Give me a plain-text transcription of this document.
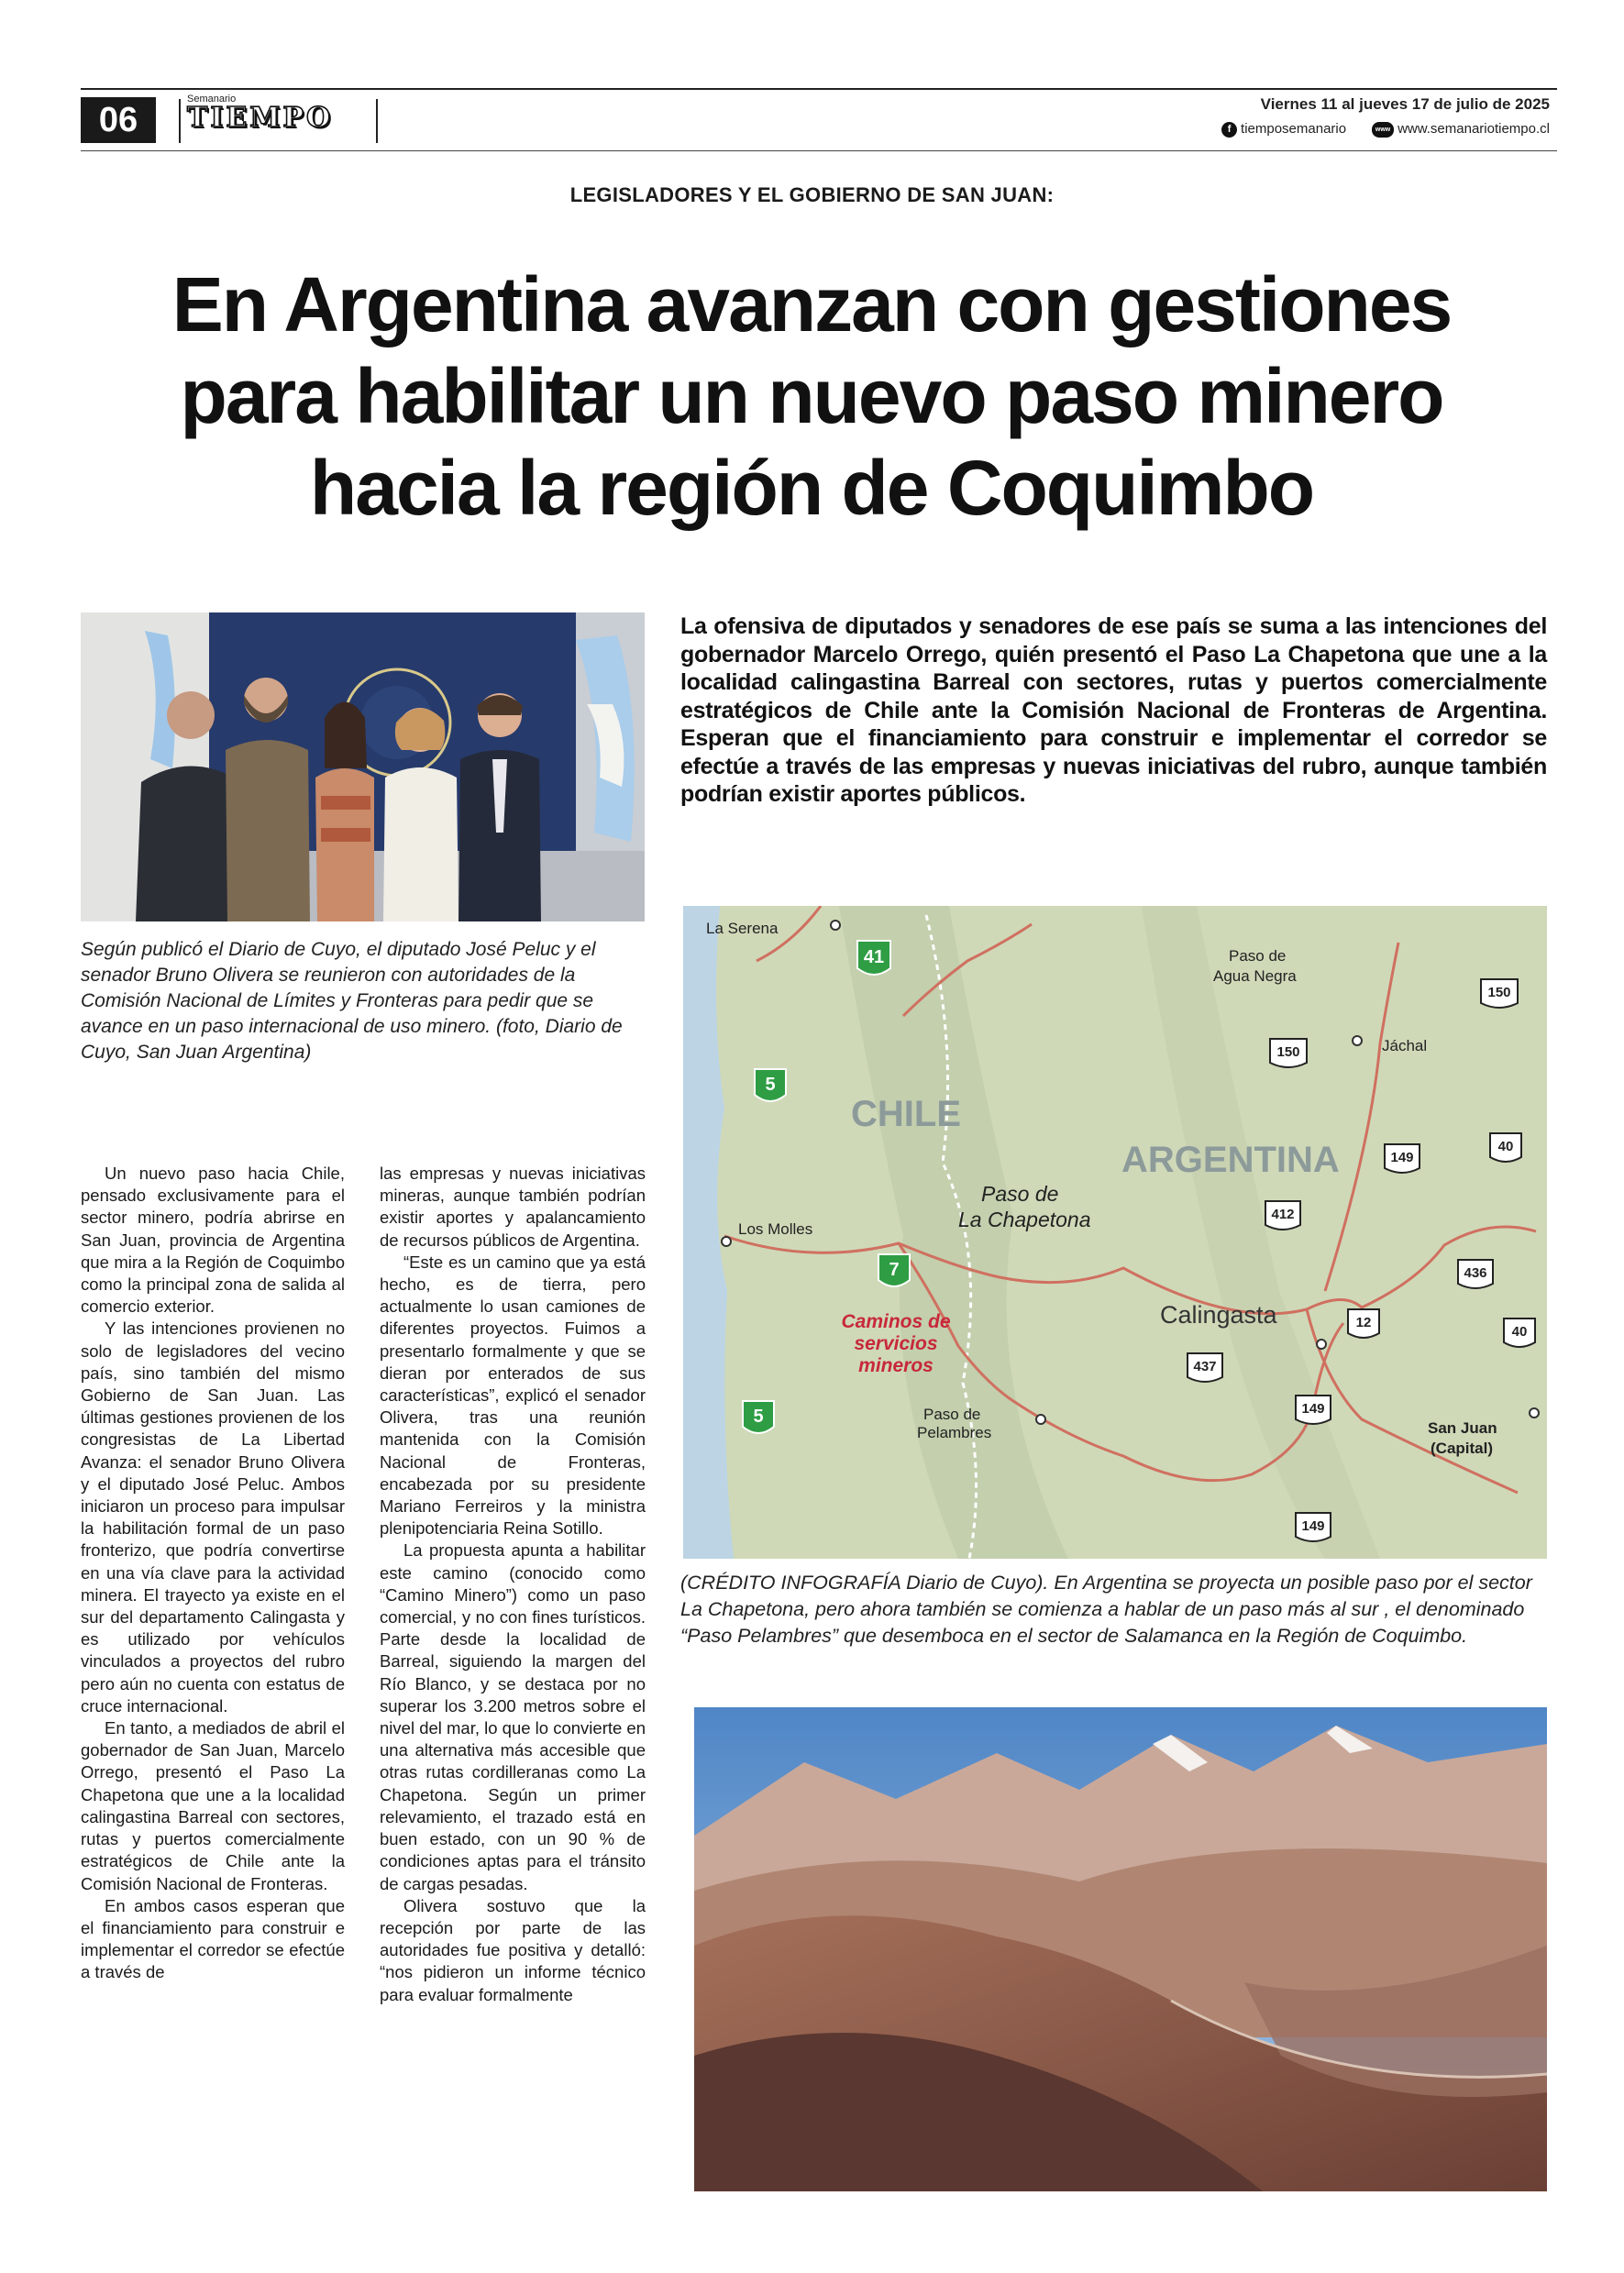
06
Semanario
TIEMPO	Viernes 11 al jueves 17 de julio de 2025
f tiemposemanario	www www.semanariotiempo.cl
LEGISLADORES Y EL GOBIERNO DE SAN JUAN:
En Argentina avanzan con gestiones para habilitar un nuevo paso minero hacia la región de Coquimbo
Según publicó el Diario de Cuyo, el diputado José Peluc y el senador Bruno Olivera se reunieron con autoridades de la Comisión Nacional de Límites y Fronteras para pedir que se avance en un paso internacional de uso minero. (foto, Diario de Cuyo, San Juan Argentina)
La ofensiva de diputados y senadores de ese país se suma a las intenciones del gobernador Marcelo Orrego, quién presentó el Paso La Chapetona que une a la localidad calingastina Barreal con sectores, rutas y puertos comercialmente estratégicos de Chile ante la Comisión Nacional de Fronteras de Argentina. Esperan que el financiamiento para construir e implementar el corredor se efectúe a través de las empresas y nuevas iniciativas del rubro, aunque también podrían existir aportes públicos.
CHILE
ARGENTINA
La Serena
Paso de
Agua Negra
Jáchal
Los Molles
San Juan
(Capital)
Paso de
Pelambres
Paso de
La Chapetona
Calingasta
Caminos de
servicios
mineros
41
5
7
5
150
150
149
40
412
436
12
40
437
149
149
(CRÉDITO INFOGRAFÍA Diario de Cuyo). En Argentina se proyecta un posible paso por el sector La Chapetona, pero ahora también se comienza a hablar de un paso más al sur , el denominado “Paso Pelambres” que desemboca en el sector de Salamanca en la Región de Coquimbo.

Un nuevo paso hacia Chile, pensado exclusivamente para el sector minero, podría abrirse en San Juan, provincia de Argentina que mira a la Región de Coquimbo como la principal zona de salida al comercio exterior.

Y las intenciones provienen no solo de legisladores del vecino país, sino también del mismo Gobierno de San Juan. Las últimas gestiones provienen de los congresistas de La Libertad Avanza: el senador Bruno Olivera y el diputado José Peluc. Ambos iniciaron un proceso para impulsar la habilitación formal de un paso fronterizo, que podría convertirse en una vía clave para la actividad minera. El trayecto ya existe en el sur del departamento Calingasta y es utilizado por vehículos vinculados a proyectos del rubro pero aún no cuenta con estatus de cruce internacional.

En tanto, a mediados de abril el gobernador de San Juan, Marcelo Orrego, presentó el Paso La Chapetona que une a la localidad calingastina Barreal con sectores, rutas y puertos comercialmente estratégicos de Chile ante la Comisión Nacional de Fronteras.

En ambos casos esperan que el financiamiento para construir e implementar el corredor se efectúe a través de

las empresas y nuevas iniciativas mineras, aunque también podrían existir aportes y apalancamiento de recursos públicos de Argentina.

“Este es un camino que ya está hecho, es de tierra, pero actualmente lo usan camiones de diferentes proyectos. Fuimos a presentarlo formalmente y que se dieran por enterados de sus características”, explicó el senador Olivera, tras una reunión mantenida con la Comisión Nacional de Fronteras, encabezada por su presidente Mariano Ferreiros y la ministra plenipotenciaria Reina Sotillo.

La propuesta apunta a habilitar este camino (conocido como “Camino Minero”) como un paso comercial, y no con fines turísticos. Parte desde la localidad de Barreal, siguiendo la margen del Río Blanco, y se destaca por no superar los 3.200 metros sobre el nivel del mar, lo que lo convierte en una alternativa más accesible que otras rutas cordilleranas como La Chapetona. Según un primer relevamiento, el trazado está en buen estado, con un 90 % de condiciones aptas para el tránsito de cargas pesadas.

Olivera sostuvo que la recepción por parte de las autoridades fue positiva y detalló: “nos pidieron un informe técnico para evaluar formalmente
